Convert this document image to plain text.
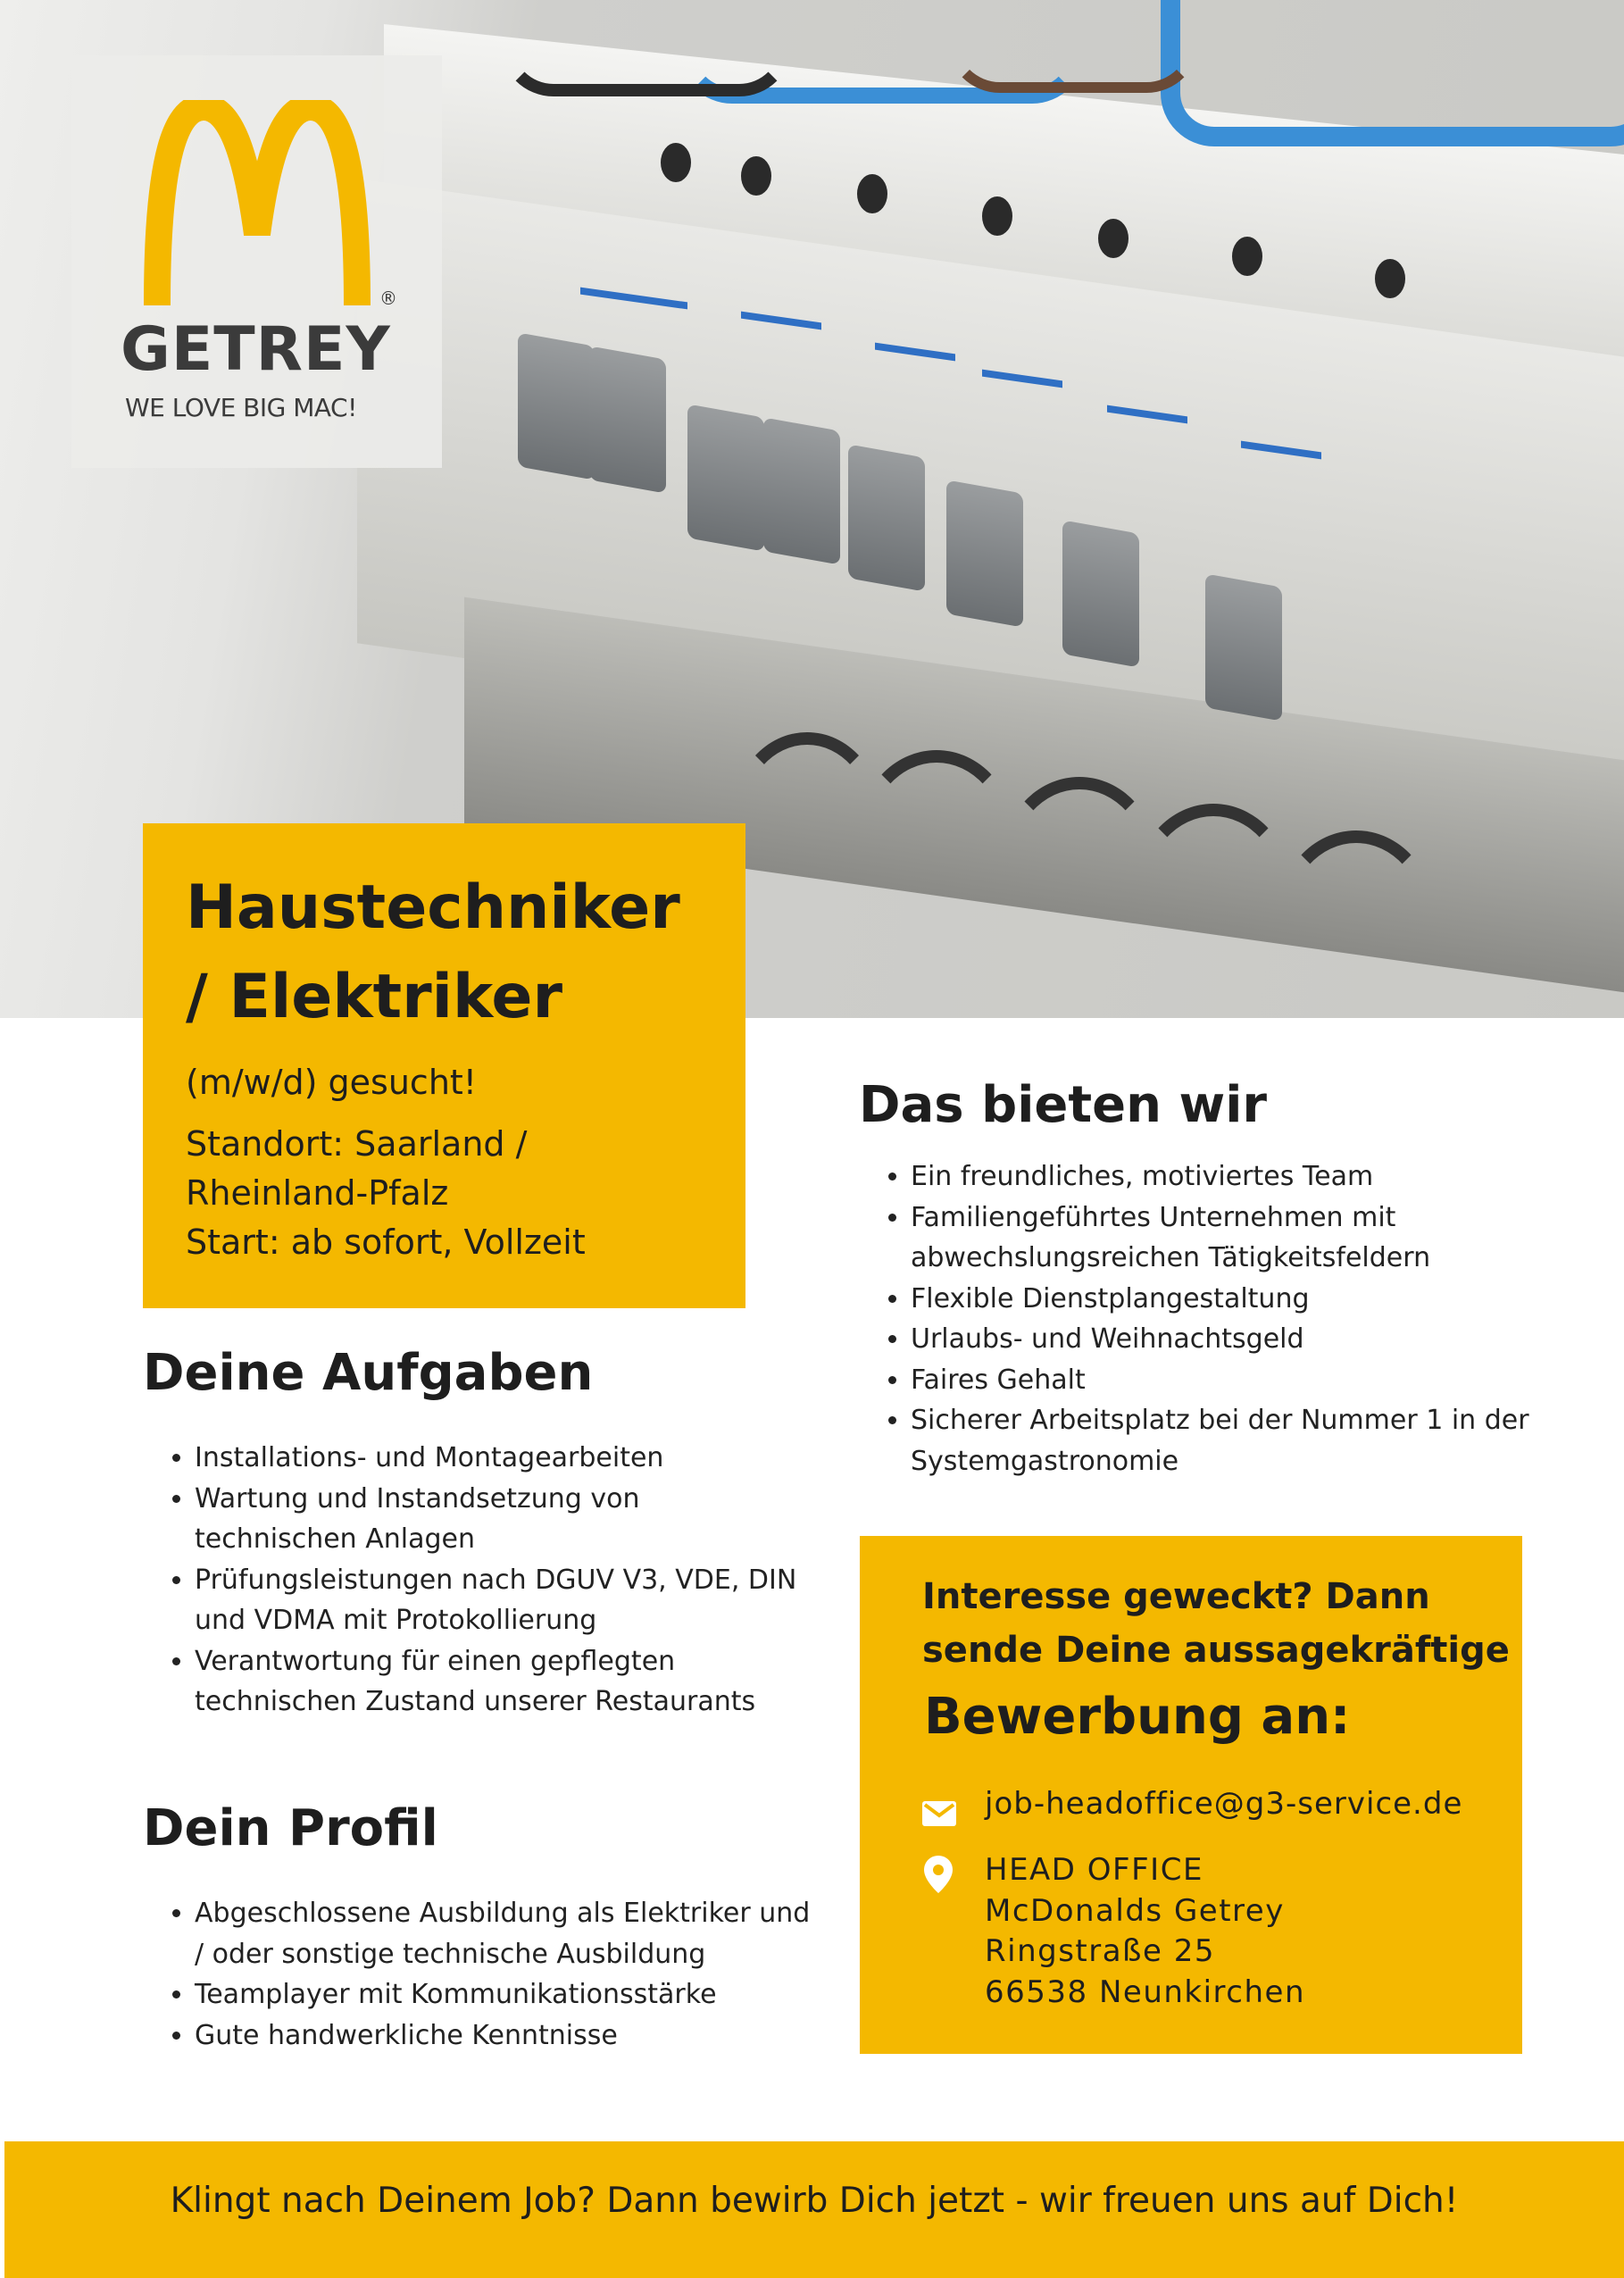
GETREY
®
WE LOVE BIG MAC!
Haustechniker
/ Elektriker
(m/w/d) gesucht!
Standort: Saarland /
Rheinland-Pfalz
Start: ab sofort, Vollzeit
Deine Aufgaben
• Installations- und Montagearbeiten
• Wartung und Instandsetzung von technischen Anlagen
• Prüfungsleistungen nach DGUV V3, VDE, DIN und VDMA mit Protokollierung
• Verantwortung für einen gepflegten technischen Zustand unserer Restaurants
Dein Profil
• Abgeschlossene Ausbildung als Elektriker und / oder sonstige technische Ausbildung
• Teamplayer mit Kommunikationsstärke
• Gute handwerkliche Kenntnisse
Das bieten wir
• Ein freundliches, motiviertes Team
• Familiengeführtes Unternehmen mit abwechslungsreichen Tätigkeitsfeldern
• Flexible Dienstplangestaltung
• Urlaubs- und Weihnachtsgeld
• Faires Gehalt
• Sicherer Arbeitsplatz bei der Nummer 1 in der Systemgastronomie
Interesse geweckt? Dann
sende Deine aussagekräftige
Bewerbung an:
job-headoffice@g3-service.de
HEAD OFFICE
McDonalds Getrey
Ringstraße 25
66538 Neunkirchen
Klingt nach Deinem Job? Dann bewirb Dich jetzt - wir freuen uns auf Dich!
